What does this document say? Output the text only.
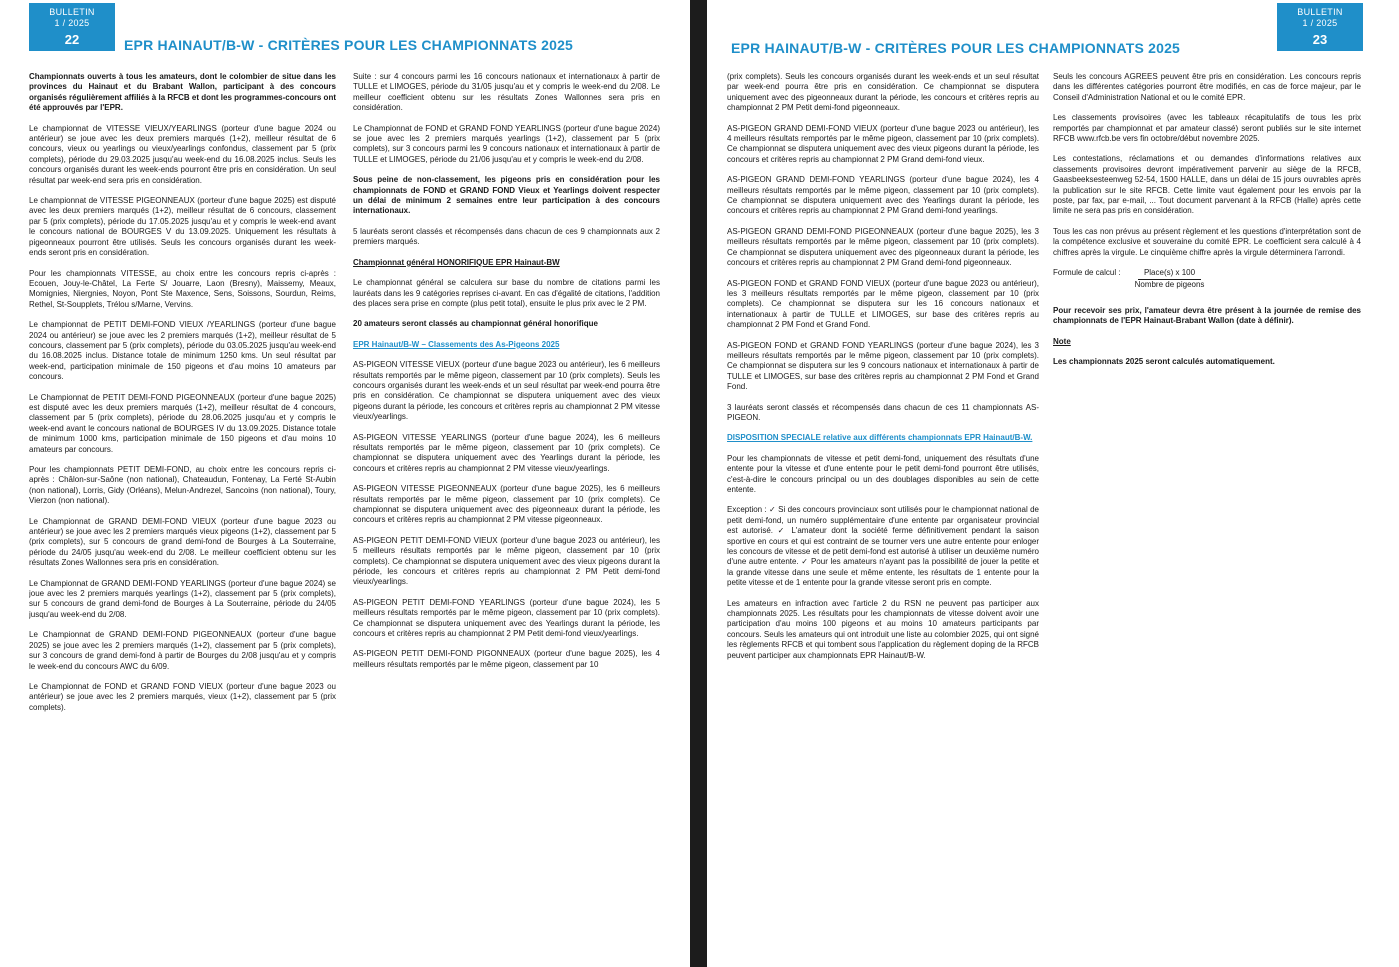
BULLETIN
1 / 2025
22	EPR HAINAUT/B-W - CRITÈRES POUR LES CHAMPIONNATS 2025

Championnats ouverts à tous les amateurs, dont le colombier de situe dans les provinces du Hainaut et du Brabant Wallon, participant à des concours organisés régulièrement affiliés à la RFCB et dont les programmes-concours ont été approuvés par l'EPR.

Le championnat de VITESSE VIEUX/YEARLINGS (porteur d'une bague 2024 ou antérieur) se joue avec les deux premiers marqués (1+2), meilleur résultat de 6 concours, vieux ou yearlings ou vieux/yearlings confondus, classement par 5 (prix complets), période du 29.03.2025 jusqu'au week-end du 16.08.2025 inclus. Seuls les concours organisés durant les week-ends pourront être pris en considération. Un seul résultat par week-end sera pris en considération.

Le championnat de VITESSE PIGEONNEAUX (porteur d'une bague 2025) est disputé avec les deux premiers marqués (1+2), meilleur résultat de 6 concours, classement par 5 (prix complets), période du 17.05.2025 jusqu'au et y compris le week-end avant le concours national de BOURGES V du 13.09.2025. Uniquement les résultats à pigeonneaux pourront être utilisés. Seuls les concours organisés durant les week-ends seront pris en considération.

Pour les championnats VITESSE, au choix entre les concours repris ci-après : Ecouen, Jouy-le-Châtel, La Ferte S/ Jouarre, Laon (Bresny), Maissemy, Meaux, Momignies, Niergnies, Noyon, Pont Ste Maxence, Sens, Soissons, Sourdun, Reims, Rethel, St-Soupplets, Trélou s/Marne, Vervins.

Le championnat de PETIT DEMI-FOND VIEUX /YEARLINGS (porteur d'une bague 2024 ou antérieur) se joue avec les 2 premiers marqués (1+2), meilleur résultat de 5 concours, classement par 5 (prix complets), période du 03.05.2025 jusqu'au week-end du 16.08.2025 inclus. Distance totale de minimum 1250 kms. Un seul résultat par week-end, participation minimale de 150 pigeons et d'au moins 10 amateurs par concours.

Le Championnat de PETIT DEMI-FOND PIGEONNEAUX (porteur d'une bague 2025) est disputé avec les deux premiers marqués (1+2), meilleur résultat de 4 concours, classement par 5 (prix complets), période du 28.06.2025 jusqu'au et y compris le week-end avant le concours national de BOURGES IV du 13.09.2025. Distance totale de minimum 1000 kms, participation minimale de 150 pigeons et d'au moins 10 amateurs par concours.

Pour les championnats PETIT DEMI-FOND, au choix entre les concours repris ci-après : Châlon-sur-Saône (non national), Chateaudun, Fontenay, La Ferté St-Aubin (non national), Lorris, Gidy (Orléans), Melun-Andrezel, Sancoins (non national), Toury, Vierzon (non national).

Le Championnat de GRAND DEMI-FOND VIEUX (porteur d'une bague 2023 ou antérieur) se joue avec les 2 premiers marqués vieux pigeons (1+2), classement par 5 (prix complets), sur 5 concours de grand demi-fond de Bourges à La Souterraine, période du 24/05 jusqu'au week-end du 2/08. Le meilleur coefficient obtenu sur les résultats Zones Wallonnes sera pris en considération.

Le Championnat de GRAND DEMI-FOND YEARLINGS (porteur d'une bague 2024) se joue avec les 2 premiers marqués yearlings (1+2), classement par 5 (prix complets), sur 5 concours de grand demi-fond de Bourges à La Souterraine, période du 24/05 jusqu'au week-end du 2/08.

Le Championnat de GRAND DEMI-FOND PIGEONNEAUX (porteur d'une bague 2025) se joue avec les 2 premiers marqués (1+2), classement par 5 (prix complets), sur 3 concours de grand demi-fond à partir de Bourges du 2/08 jusqu'au et y compris le week-end du concours AWC du 6/09.

Le Championnat de FOND et GRAND FOND VIEUX (porteur d'une bague 2023 ou antérieur) se joue avec les 2 premiers marqués, vieux (1+2), classement par 5 (prix complets).

Suite : sur 4 concours parmi les 16 concours nationaux et internationaux à partir de TULLE et LIMOGES, période du 31/05 jusqu'au et y compris le week-end du 2/08. Le meilleur coefficient obtenu sur les résultats Zones Wallonnes sera pris en considération.

Le Championnat de FOND et GRAND FOND YEARLINGS (porteur d'une bague 2024) se joue avec les 2 premiers marqués yearlings (1+2), classement par 5 (prix complets), sur 3 concours parmi les 9 concours nationaux et internationaux à partir de TULLE et LIMOGES, période du 21/06 jusqu'au et y compris le week-end du 2/08.

Sous peine de non-classement, les pigeons pris en considération pour les championnats de FOND et GRAND FOND Vieux et Yearlings doivent respecter un délai de minimum 2 semaines entre leur participation à des concours internationaux.

5 lauréats seront classés et récompensés dans chacun de ces 9 championnats aux 2 premiers marqués.

Championnat général HONORIFIQUE EPR Hainaut-BW

Le championnat général se calculera sur base du nombre de citations parmi les lauréats dans les 9 catégories reprises ci-avant. En cas d'égalité de citations, l'addition des places sera prise en compte (plus petit total), ensuite le plus prix avec le 2 PM.

20 amateurs seront classés au championnat général honorifique

EPR Hainaut/B-W – Classements des As-Pigeons 2025

AS-PIGEON VITESSE VIEUX (porteur d'une bague 2023 ou antérieur), les 6 meilleurs résultats remportés par le même pigeon, classement par 10 (prix complets). Seuls les concours organisés durant les week-ends et un seul résultat par week-end pourra être pris en considération. Ce championnat se disputera uniquement avec des vieux pigeons durant la période, les concours et critères repris au championnat 2 PM vitesse vieux/yearlings.

AS-PIGEON VITESSE YEARLINGS (porteur d'une bague 2024), les 6 meilleurs résultats remportés par le même pigeon, classement par 10 (prix complets). Ce championnat se disputera uniquement avec des Yearlings durant la période, les concours et critères repris au championnat 2 PM vitesse vieux/yearlings.

AS-PIGEON VITESSE PIGEONNEAUX (porteur d'une bague 2025), les 6 meilleurs résultats remportés par le même pigeon, classement par 10 (prix complets). Ce championnat se disputera uniquement avec des pigeonneaux durant la période, les concours et critères repris au championnat 2 PM vitesse pigeonneaux.

AS-PIGEON PETIT DEMI-FOND VIEUX (porteur d'une bague 2023 ou antérieur), les 5 meilleurs résultats remportés par le même pigeon, classement par 10 (prix complets). Ce championnat se disputera uniquement avec des vieux pigeons durant la période, les concours et critères repris au championnat 2 PM Petit demi-fond vieux/yearlings.

AS-PIGEON PETIT DEMI-FOND YEARLINGS (porteur d'une bague 2024), les 5 meilleurs résultats remportés par le même pigeon, classement par 10 (prix complets). Ce championnat se disputera uniquement avec des Yearlings durant la période, les concours et critères repris au championnat 2 PM Petit demi-fond vieux/yearlings.

AS-PIGEON PETIT DEMI-FOND PIGONNEAUX (porteur d'une bague 2025), les 4 meilleurs résultats remportés par le même pigeon, classement par 10

BULLETIN
1 / 2025
23
EPR HAINAUT/B-W - CRITÈRES POUR LES CHAMPIONNATS 2025

(prix complets). Seuls les concours organisés durant les week-ends et un seul résultat par week-end pourra être pris en considération. Ce championnat se disputera uniquement avec des pigeonneaux durant la période, les concours et critères repris au championnat 2 PM Petit demi-fond pigeonneaux.

AS-PIGEON GRAND DEMI-FOND VIEUX (porteur d'une bague 2023 ou antérieur), les 4 meilleurs résultats remportés par le même pigeon, classement par 10 (prix complets). Ce championnat se disputera uniquement avec des vieux pigeons durant la période, les concours et critères repris au championnat 2 PM Grand demi-fond vieux.

AS-PIGEON GRAND DEMI-FOND YEARLINGS (porteur d'une bague 2024), les 4 meilleurs résultats remportés par le même pigeon, classement par 10 (prix complets). Ce championnat se disputera uniquement avec des Yearlings durant la période, les concours et critères repris au championnat 2 PM Grand demi-fond yearlings.

AS-PIGEON GRAND DEMI-FOND PIGEONNEAUX (porteur d'une bague 2025), les 3 meilleurs résultats remportés par le même pigeon, classement par 10 (prix complets). Ce championnat se disputera uniquement avec des pigeonneaux durant la période, les concours et critères repris au championnat 2 PM Grand demi-fond pigeonneaux.

AS-PIGEON FOND et GRAND FOND VIEUX (porteur d'une bague 2023 ou antérieur), les 3 meilleurs résultats remportés par le même pigeon, classement par 10 (prix complets). Ce championnat se disputera sur les 16 concours nationaux et internationaux à partir de TULLE et LIMOGES, sur base des critères repris au championnat 2 PM Fond et Grand Fond.

AS-PIGEON FOND et GRAND FOND YEARLINGS (porteur d'une bague 2024), les 3 meilleurs résultats remportés par le même pigeon, classement par 10 (prix complets). Ce championnat se disputera sur les 9 concours nationaux et internationaux à partir de TULLE et LIMOGES, sur base des critères repris au championnat 2 PM Fond et Grand Fond.

3 lauréats seront classés et récompensés dans chacun de ces 11 championnats AS-PIGEON.

DISPOSITION SPECIALE relative aux différents championnats EPR Hainaut/B-W.

Pour les championnats de vitesse et petit demi-fond, uniquement des résultats d'une entente pour la vitesse et d'une entente pour le petit demi-fond pourront être utilisés, c'est-à-dire le concours principal ou un des doublages disponibles au sein de cette entente.

Exception : ✓ Si des concours provinciaux sont utilisés pour le championnat national de petit demi-fond, un numéro supplémentaire d'une entente par organisateur provincial est autorisé. ✓ L'amateur dont la société ferme définitivement pendant la saison sportive en cours et qui est contraint de se tourner vers une autre entente pour enloger les concours de vitesse et de petit demi-fond est autorisé à utiliser un deuxième numéro d'une autre entente. ✓ Pour les amateurs n'ayant pas la possibilité de jouer la petite et la grande vitesse dans une seule et même entente, les résultats de 1 entente pour la petite vitesse et de 1 entente pour la grande vitesse seront pris en compte.

Les amateurs en infraction avec l'article 2 du RSN ne peuvent pas participer aux championnats 2025. Les résultats pour les championnats de vitesse doivent avoir une participation d'au moins 100 pigeons et au moins 10 amateurs participants par concours. Seuls les amateurs qui ont introduit une liste au colombier 2025, qui ont signé les règlements RFCB et qui tombent sous l'application du règlement doping de la RFCB peuvent participer aux championnats EPR Hainaut/B-W.

Seuls les concours AGREES peuvent être pris en considération. Les concours repris dans les différentes catégories pourront être modifiés, en cas de force majeur, par le Conseil d'Administration National et ou le comité EPR.

Les classements provisoires (avec les tableaux récapitulatifs de tous les prix remportés par championnat et par amateur classé) seront publiés sur le site internet RFCB www.rfcb.be vers fin octobre/début novembre 2025.

Les contestations, réclamations et ou demandes d'informations relatives aux classements provisoires devront impérativement parvenir au siège de la RFCB, Gaasbeeksesteenweg 52-54, 1500 HALLE, dans un délai de 15 jours ouvrables après la publication sur le site RFCB. Cette limite vaut également pour les envois par la poste, par fax, par e-mail, ... Tout document parvenant à la RFCB (Halle) après cette limite ne sera pas pris en considération.

Tous les cas non prévus au présent règlement et les questions d'interprétation sont de la compétence exclusive et souveraine du comité EPR. Le coefficient sera calculé à 4 chiffres après la virgule. Le cinquième chiffre après la virgule déterminera l'arrondi.

Formule de calcul : $\frac{\text{Place(s) x 100}}{\text{Nombre de pigeons}}$

Pour recevoir ses prix, l'amateur devra être présent à la journée de remise des championnats de l'EPR Hainaut-Brabant Wallon (date à définir).

Note

Les championnats 2025 seront calculés automatiquement.
